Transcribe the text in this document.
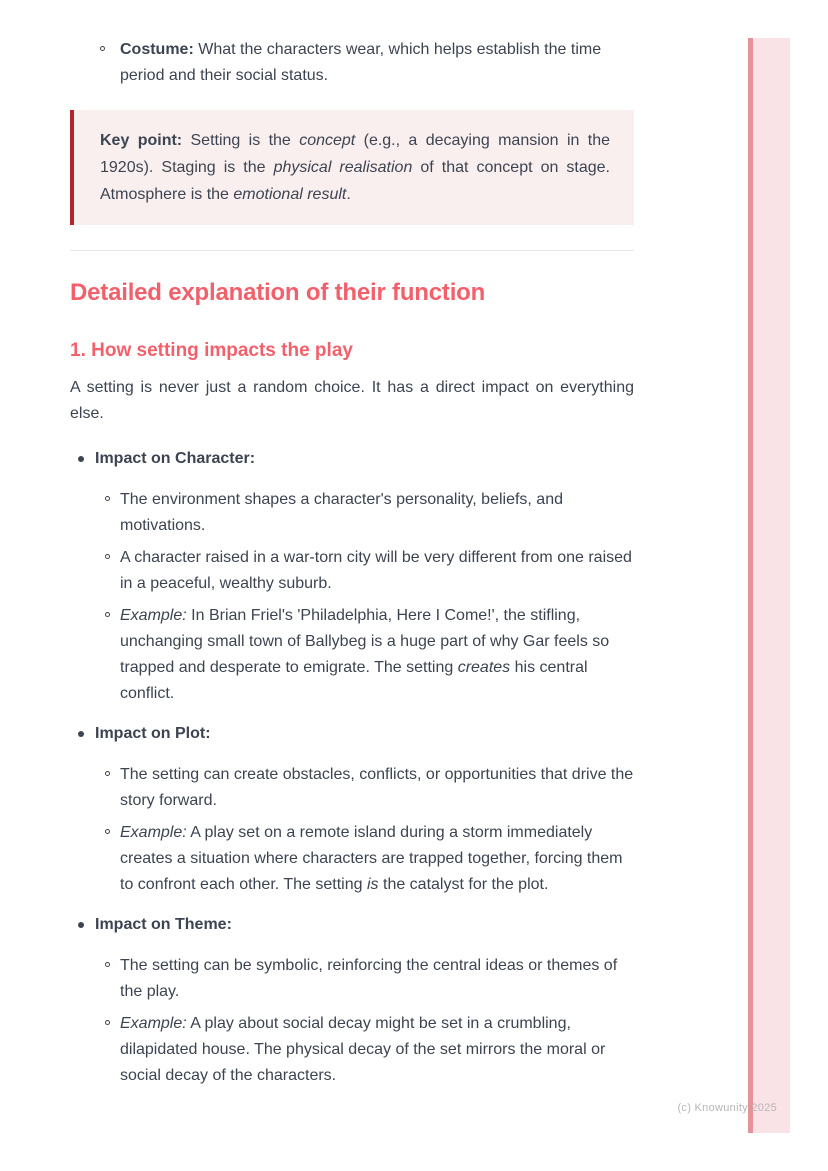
Costume: What the characters wear, which helps establish the time period and their social status.

Key point: Setting is the concept (e.g., a decaying mansion in the 1920s). Staging is the physical realisation of that concept on stage. Atmosphere is the emotional result.

Detailed explanation of their function
1. How setting impacts the play

A setting is never just a random choice. It has a direct impact on everything else.

Impact on Character:

The environment shapes a character's personality, beliefs, and motivations.

A character raised in a war-torn city will be very different from one raised in a peaceful, wealthy suburb.

Example: In Brian Friel's 'Philadelphia, Here I Come!', the stifling, unchanging small town of Ballybeg is a huge part of why Gar feels so trapped and desperate to emigrate. The setting creates his central conflict.

Impact on Plot:

The setting can create obstacles, conflicts, or opportunities that drive the story forward.

Example: A play set on a remote island during a storm immediately creates a situation where characters are trapped together, forcing them to confront each other. The setting is the catalyst for the plot.

Impact on Theme:

The setting can be symbolic, reinforcing the central ideas or themes of the play.

Example: A play about social decay might be set in a crumbling, dilapidated house. The physical decay of the set mirrors the moral or social decay of the characters.

(c) Knowunity 2025
